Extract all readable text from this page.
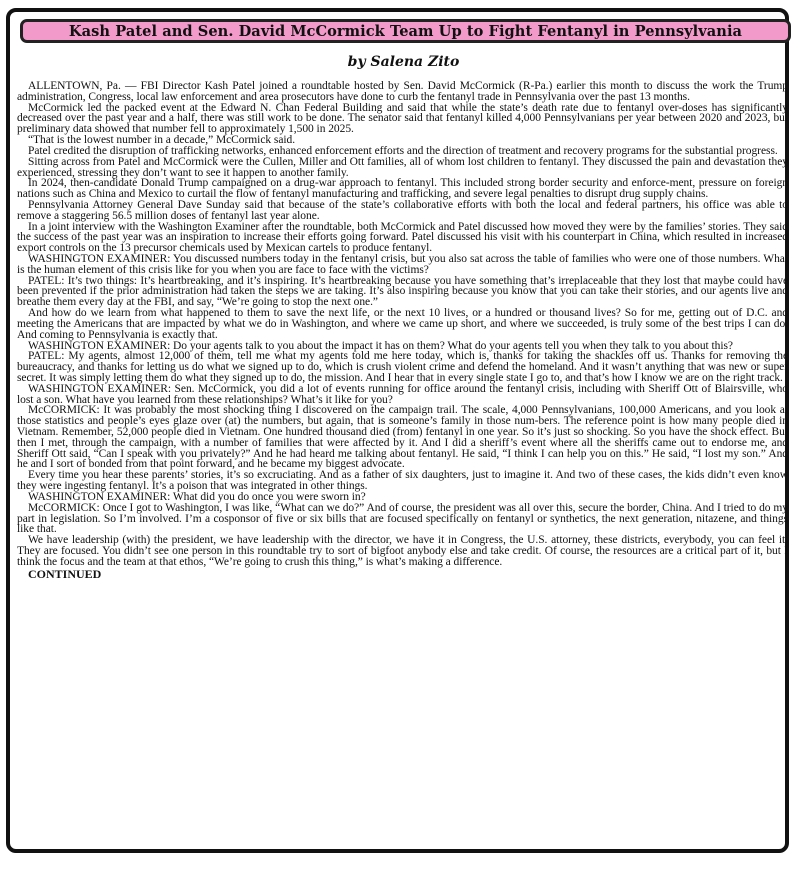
Kash Patel and Sen. David McCormick Team Up to Fight Fentanyl in Pennsylvania
by Salena Zito

ALLENTOWN, Pa. — FBI Director Kash Patel joined a roundtable hosted by Sen. David McCormick (R-Pa.) earlier this month to discuss the work the Trump administration, Congress, local law enforcement and area prosecutors have done to curb the fentanyl trade in Pennsylvania over the past 13 months.

McCormick led the packed event at the Edward N. Chan Federal Building and said that while the state’s death rate due to fentanyl over-doses has significantly decreased over the past year and a half, there was still work to be done. The senator said that fentanyl killed 4,000 Pennsylvanians per year between 2020 and 2023, but preliminary data showed that number fell to approximately 1,500 in 2025.

“That is the lowest number in a decade,” McCormick said.

Patel credited the disruption of trafficking networks, enhanced enforcement efforts and the direction of treatment and recovery programs for the substantial progress.

Sitting across from Patel and McCormick were the Cullen, Miller and Ott families, all of whom lost children to fentanyl. They discussed the pain and devastation they experienced, stressing they don’t want to see it happen to another family.

In 2024, then-candidate Donald Trump campaigned on a drug-war approach to fentanyl. This included strong border security and enforce-ment, pressure on foreign nations such as China and Mexico to curtail the flow of fentanyl manufacturing and trafficking, and severe legal penalties to disrupt drug supply chains.

Pennsylvania Attorney General Dave Sunday said that because of the state’s collaborative efforts with both the local and federal partners, his office was able to remove a staggering 56.5 million doses of fentanyl last year alone.

In a joint interview with the Washington Examiner after the roundtable, both McCormick and Patel discussed how moved they were by the families’ stories. They said the success of the past year was an inspiration to increase their efforts going forward. Patel discussed his visit with his counterpart in China, which resulted in increased export controls on the 13 precursor chemicals used by Mexican cartels to produce fentanyl.

WASHINGTON EXAMINER: You discussed numbers today in the fentanyl crisis, but you also sat across the table of families who were one of those numbers. What is the human element of this crisis like for you when you are face to face with the victims?

PATEL: It’s two things: It’s heartbreaking, and it’s inspiring. It’s heartbreaking because you have something that’s irreplaceable that they lost that maybe could have been prevented if the prior administration had taken the steps we are taking. It’s also inspiring because you know that you can take their stories, and our agents live and breathe them every day at the FBI, and say, “We’re going to stop the next one.”

And how do we learn from what happened to them to save the next life, or the next 10 lives, or a hundred or thousand lives? So for me, getting out of D.C. and meeting the Americans that are impacted by what we do in Washington, and where we came up short, and where we succeeded, is truly some of the best trips I can do. And coming to Pennsylvania is exactly that.

WASHINGTON EXAMINER: Do your agents talk to you about the impact it has on them? What do your agents tell you when they talk to you about this?

PATEL: My agents, almost 12,000 of them, tell me what my agents told me here today, which is, thanks for taking the shackles off us. Thanks for removing the bureaucracy, and thanks for letting us do what we signed up to do, which is crush violent crime and defend the homeland. And it wasn’t anything that was new or super secret. It was simply letting them do what they signed up to do, the mission. And I hear that in every single state I go to, and that’s how I know we are on the right track.

WASHINGTON EXAMINER: Sen. McCormick, you did a lot of events running for office around the fentanyl crisis, including with Sheriff Ott of Blairsville, who lost a son. What have you learned from these relationships? What’s it like for you?

McCORMICK: It was probably the most shocking thing I discovered on the campaign trail. The scale, 4,000 Pennsylvanians, 100,000 Americans, and you look at those statistics and people’s eyes glaze over (at) the numbers, but again, that is someone’s family in those num-bers. The reference point is how many people died in Vietnam. Remember, 52,000 people died in Vietnam. One hundred thousand died (from) fentanyl in one year. So it’s just so shocking. So you have the shock effect. But then I met, through the campaign, with a number of families that were affected by it. And I did a sheriff’s event where all the sheriffs came out to endorse me, and Sheriff Ott said, “Can I speak with you privately?” And he had heard me talking about fentanyl. He said, “I think I can help you on this.” He said, “I lost my son.” And he and I sort of bonded from that point forward, and he became my biggest advocate.

Every time you hear these parents’ stories, it’s so excruciating. And as a father of six daughters, just to imagine it. And two of these cases, the kids didn’t even know they were ingesting fentanyl. It’s a poison that was integrated in other things.

WASHINGTON EXAMINER: What did you do once you were sworn in?

McCORMICK: Once I got to Washington, I was like, “What can we do?” And of course, the president was all over this, secure the border, China. And I tried to do my part in legislation. So I’m involved. I’m a cosponsor of five or six bills that are focused specifically on fentanyl or synthetics, the next generation, nitazene, and things like that.

We have leadership (with) the president, we have leadership with the director, we have it in Congress, the U.S. attorney, these districts, everybody, you can feel it. They are focused. You didn’t see one person in this roundtable try to sort of bigfoot anybody else and take credit. Of course, the resources are a critical part of it, but I think the focus and the team at that ethos, “We’re going to crush this thing,” is what’s making a difference.

CONTINUED
